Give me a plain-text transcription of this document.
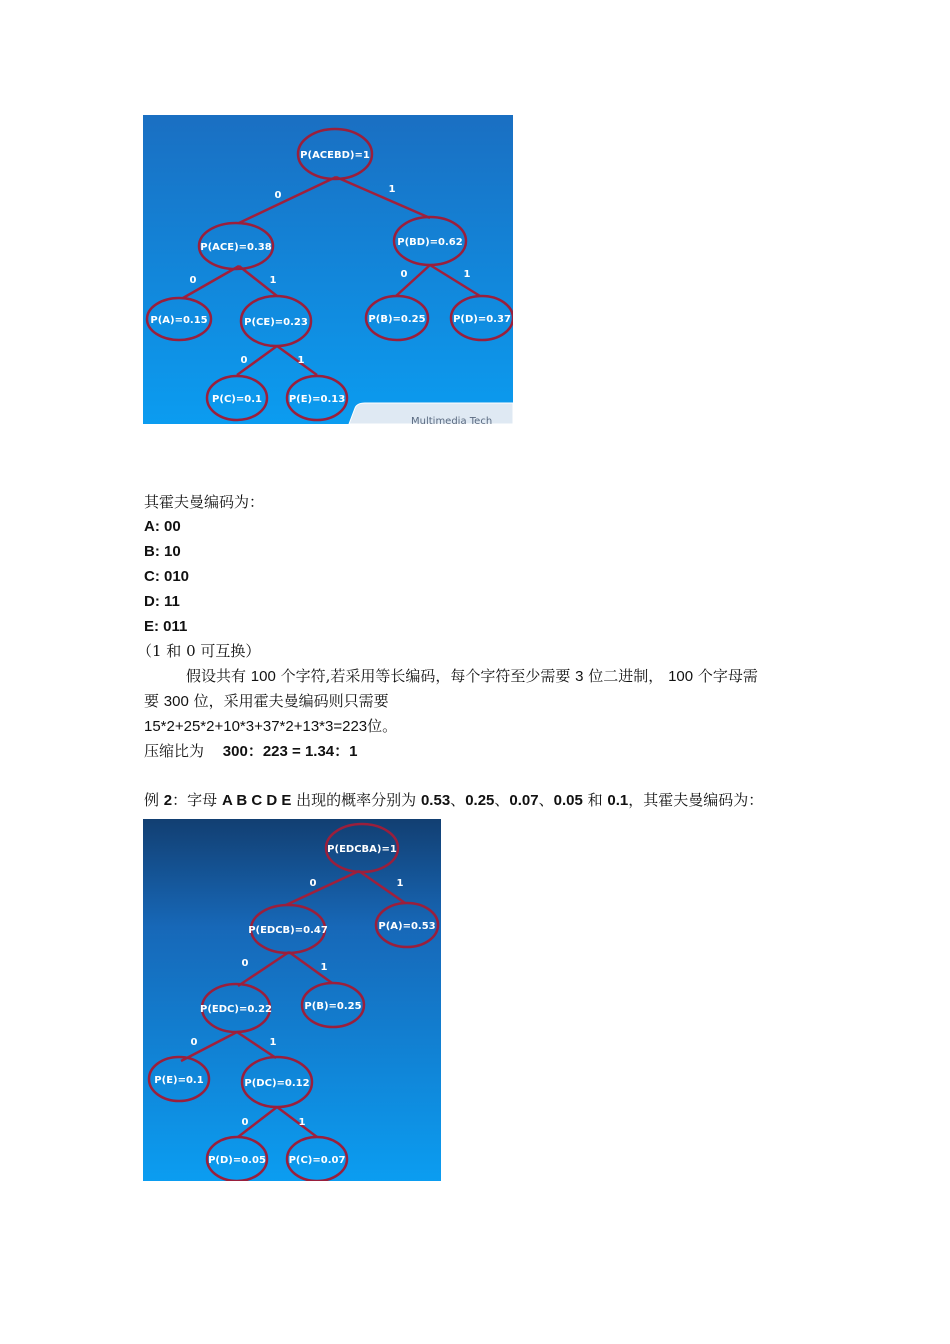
P(ACEBD)=1
P(ACE)=0.38	P(BD)=0.62
P(A)=0.15	P(CE)=0.23	P(B)=0.25	P(D)=0.37
P(C)=0.1	P(E)=0.13
0
1
0	1
0	1
0	1
Multimedia Tech
其霍夫曼编码为：
A: 00
B: 10
C: 010
D: 11
E: 011
（1 和 0 可互换）
假设共有 100 个字符,若采用等长编码，每个字符至少需要 3 位二进制， 100 个字母需
要 300 位，采用霍夫曼编码则只需要
15*2+25*2+10*3+37*2+13*3=223位。
压缩比为 300：223 = 1.34：1
例 2：字母 A B C D E 出现的概率分别为 0.53、0.25、0.07、0.05 和 0.1，其霍夫曼编码为：
P(EDCBA)=1
P(EDCB)=0.47	P(A)=0.53
P(EDC)=0.22	P(B)=0.25
P(E)=0.1	P(DC)=0.12
P(D)=0.05 P(C)=0.07
0	1
0	1
0	1
0	1
